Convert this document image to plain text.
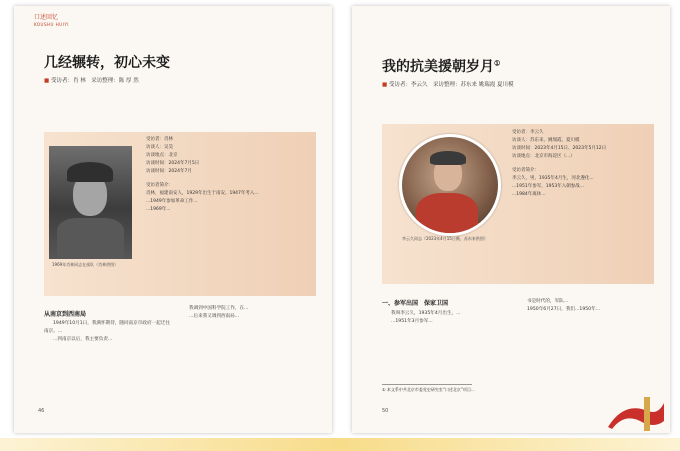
口述回忆
KOUSHU HUIYI
几经辗转，初心未变
■ 受访者：肖 林　采访整理：陈 厚 然
1969年肖林同志在部队（肖林供图）

受访者：肖林

访谈人：吴昊

访谈地点：北京

访谈时间：2024年7月5日

访谈时间：2024年7月

受访者简介：

肖林，福建南安人，1929年出生于南安。1947年考入...

...1949年参加革命工作...

...1969年...

从南京到西南局

1949年10月1日，我满怀期待，随同南京市政府一起迁往南京。...

...到南京以后，我主要负责...

我调到中国科学院工作，在...

...后来我又调到西南局...

46
我的抗美援朝岁月①
■ 受访者：李云久　采访整理：苏东来 姚瑞霞 夏川模
李云久同志（2023年4月15日摄，苏东来供图）

受访者：李云久

访谈人：苏东来、姚瑞霞、夏川模

访谈时间：2023年4月15日、2023年5月12日

访谈地点：北京市海淀区（...）

受访者简介：

李云久，男，1935年4月生，河北遵化...

...1951年参军，1953年入朝参战...

...1984年离休...

一、参军出国　保家卫国

我叫李云久，1935年4月出生，...

...1951年3月参军...

书是时代的，军队...

1950年6月27日，我们...1950年...

① 本文系中共北京市委党史研究室“口述北京”项目...
50
